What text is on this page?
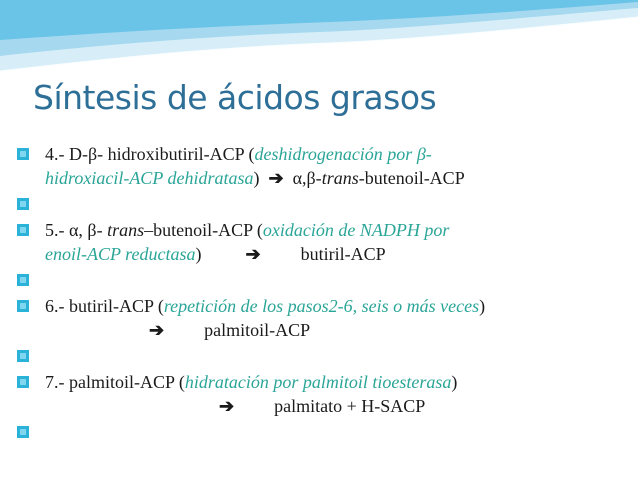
Síntesis de ácidos grasos
4.- D-β- hidroxibutiril-ACP (deshidrogenación por β-
hidroxiacil-ACP dehidratasa) ➔ α,β-trans-butenoil-ACP
5.- α, β- trans–butenoil-ACP (oxidación de NADPH por
enoil-ACP reductasa) ➔ butiril-ACP
6.- butiril-ACP (repetición de los pasos2-6, seis o más veces)
➔ palmitoil-ACP
7.- palmitoil-ACP (hidratación por palmitoil tioesterasa)
➔ palmitato + H-SACP
